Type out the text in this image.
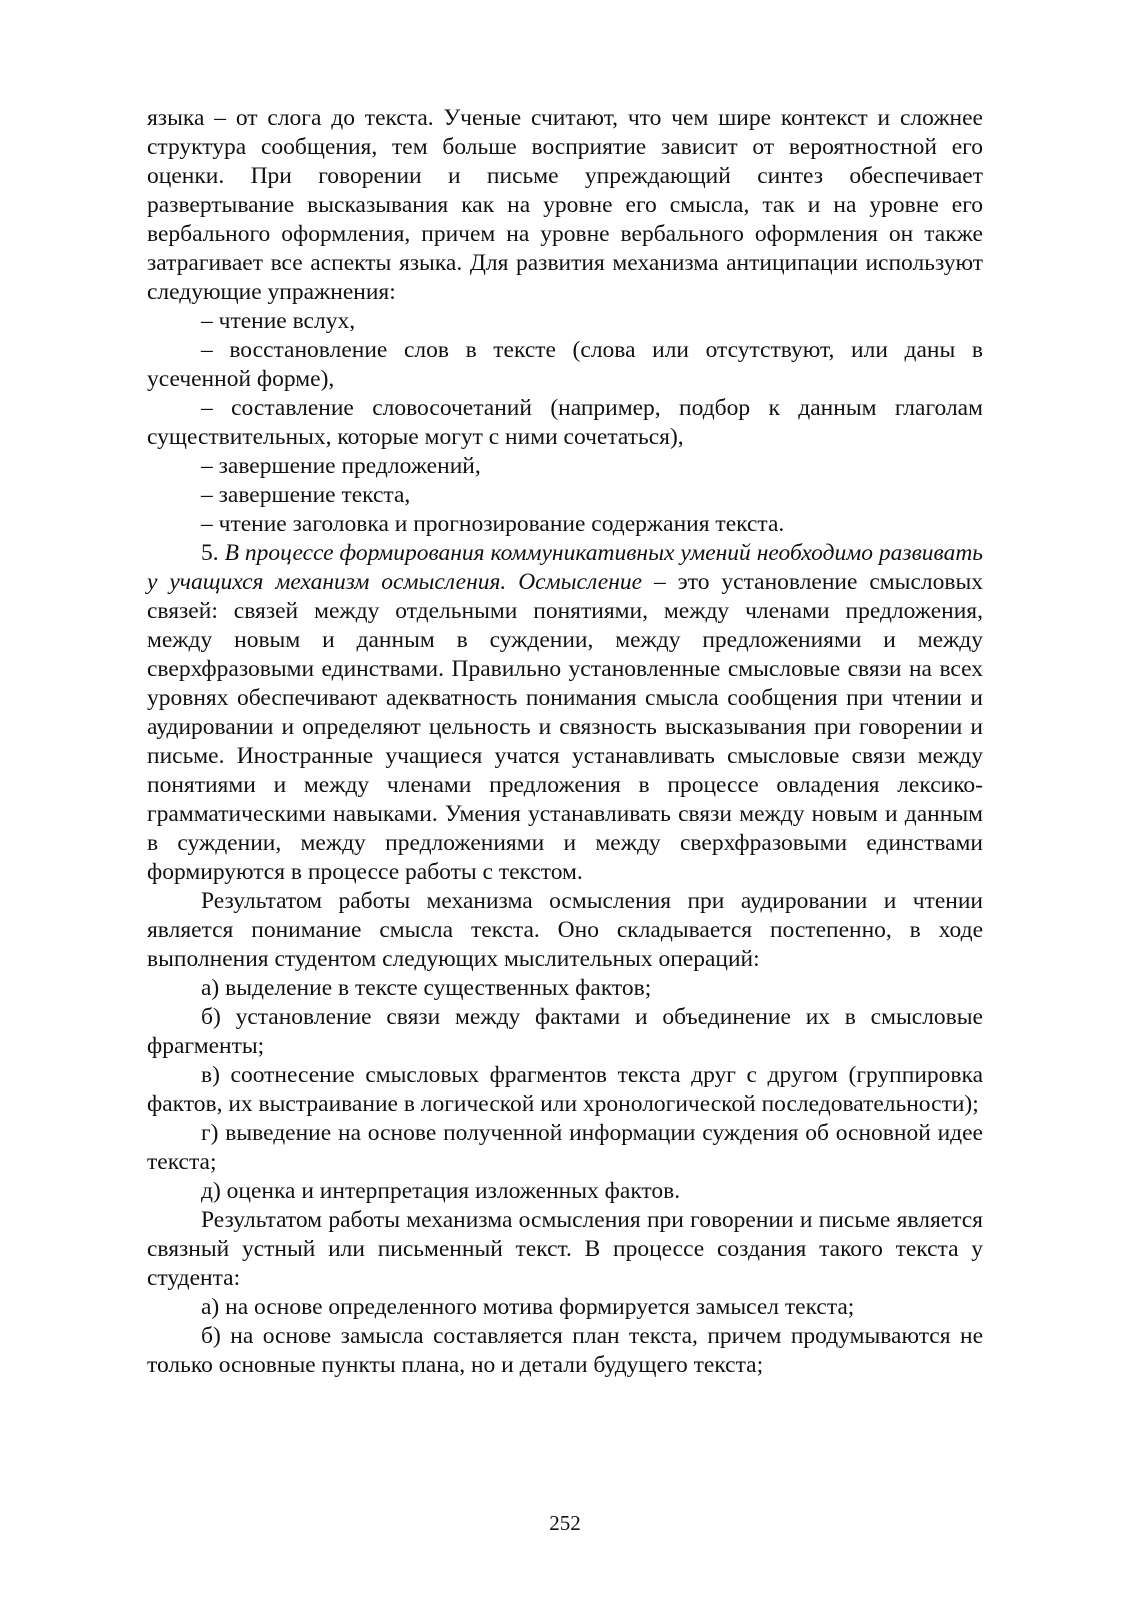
языка – от слога до текста. Ученые считают, что чем шире контекст и сложнее структура сообщения, тем больше восприятие зависит от вероятностной его оценки. При говорении и письме упреждающий синтез обеспечивает развертывание высказывания как на уровне его смысла, так и на уровне его вербального оформления, причем на уровне вербального оформления он также затрагивает все аспекты языка. Для развития механизма антиципации используют следующие упражнения:

– чтение вслух,

– восстановление слов в тексте (слова или отсутствуют, или даны в усеченной форме),

– составление словосочетаний (например, подбор к данным глаголам существительных, которые могут с ними сочетаться),

– завершение предложений,

– завершение текста,

– чтение заголовка и прогнозирование содержания текста.

5. В процессе формирования коммуникативных умений необходимо развивать у учащихся механизм осмысления. Осмысление – это установление смысловых связей: связей между отдельными понятиями, между членами предложения, между новым и данным в суждении, между предложениями и между сверхфразовыми единствами. Правильно установленные смысловые связи на всех уровнях обеспечивают адекватность понимания смысла сообщения при чтении и аудировании и определяют цельность и связность высказывания при говорении и письме. Иностранные учащиеся учатся устанавливать смысловые связи между понятиями и между членами предложения в процессе овладения лексико-грамматическими навыками. Умения устанавливать связи между новым и данным в суждении, между предложениями и между сверхфразовыми единствами формируются в процессе работы с текстом.

Результатом работы механизма осмысления при аудировании и чтении является понимание смысла текста. Оно складывается постепенно, в ходе выполнения студентом следующих мыслительных операций:

а) выделение в тексте существенных фактов;

б) установление связи между фактами и объединение их в смысловые фрагменты;

в) соотнесение смысловых фрагментов текста друг с другом (группировка фактов, их выстраивание в логической или хронологической последовательности);

г) выведение на основе полученной информации суждения об основной идее текста;

д) оценка и интерпретация изложенных фактов.

Результатом работы механизма осмысления при говорении и письме является связный устный или письменный текст. В процессе создания такого текста у студента:

а) на основе определенного мотива формируется замысел текста;

б) на основе замысла составляется план текста, причем продумываются не только основные пункты плана, но и детали будущего текста;

252
